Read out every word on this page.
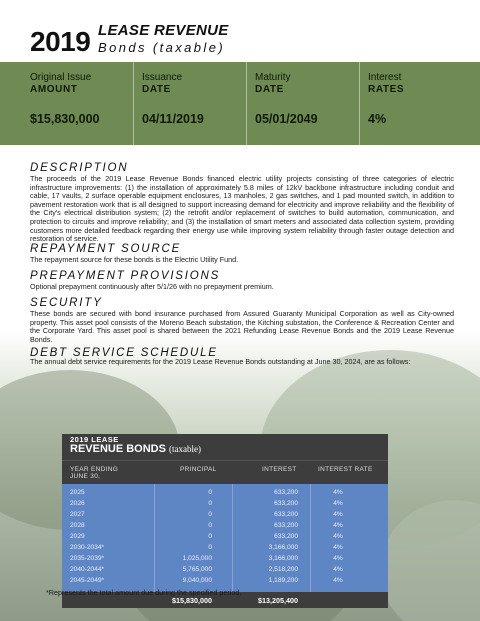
2019 LEASE REVENUE
Bonds (taxable)
Original Issue
AMOUNT
$15,830,000
Issuance
DATE
04/11/2019
Maturity
DATE
05/01/2049
Interest
RATES
4%
DESCRIPTION
The proceeds of the 2019 Lease Revenue Bonds financed electric utility projects consisting of three categories of electric infrastructure improvements: (1) the installation of approximately 5.8 miles of 12kV backbone infrastructure including conduit and cable, 17 vaults, 2 surface operable equipment enclosures, 13 manholes, 2 gas switches, and 1 pad mounted switch, in addition to pavement restoration work that is all designed to support increasing demand for electricity and improve reliability and the flexibility of the City's electrical distribution system; (2) the retrofit and/or replacement of switches to build automation, communication, and protection to circuits and improve reliability; and (3) the installation of smart meters and associated data collection system, providing customers more detailed feedback regarding their energy use while improving system reliability through faster outage detection and restoration of service.
REPAYMENT SOURCE
The repayment source for these bonds is the Electric Utility Fund.
PREPAYMENT PROVISIONS
Optional prepayment continuously after 5/1/26 with no prepayment premium.
SECURITY
These bonds are secured with bond insurance purchased from Assured Guaranty Municipal Corporation as well as City-owned property. This asset pool consists of the Moreno Beach substation, the Kitching substation, the Conference & Recreation Center and the Corporate Yard. This asset pool is shared between the 2021 Refunding Lease Revenue Bonds and the 2019 Lease Revenue Bonds.
DEBT SERVICE SCHEDULE
The annual debt service requirements for the 2019 Lease Revenue Bonds outstanding at June 30, 2024, are as follows:
2019 LEASE
REVENUE BONDS (taxable)
YEAR ENDING
JUNE 30,
PRINCIPAL	INTEREST	INTEREST RATE
2025	0	633,200	4%
2026	0	633,200	4%
2027	0	633,200	4%
2028	0	633,200	4%
2029	0	633,200	4%
2030-2034*	0	3,166,000	4%
2035-2039*	1,025,000	3,166,000	4%
2040-2044*	5,765,000	2,518,200	4%
2045-2049*	9,040,000	1,189,200	4%
$15,830,000	$13,205,400
*Represents the total amount due during the specified period.
